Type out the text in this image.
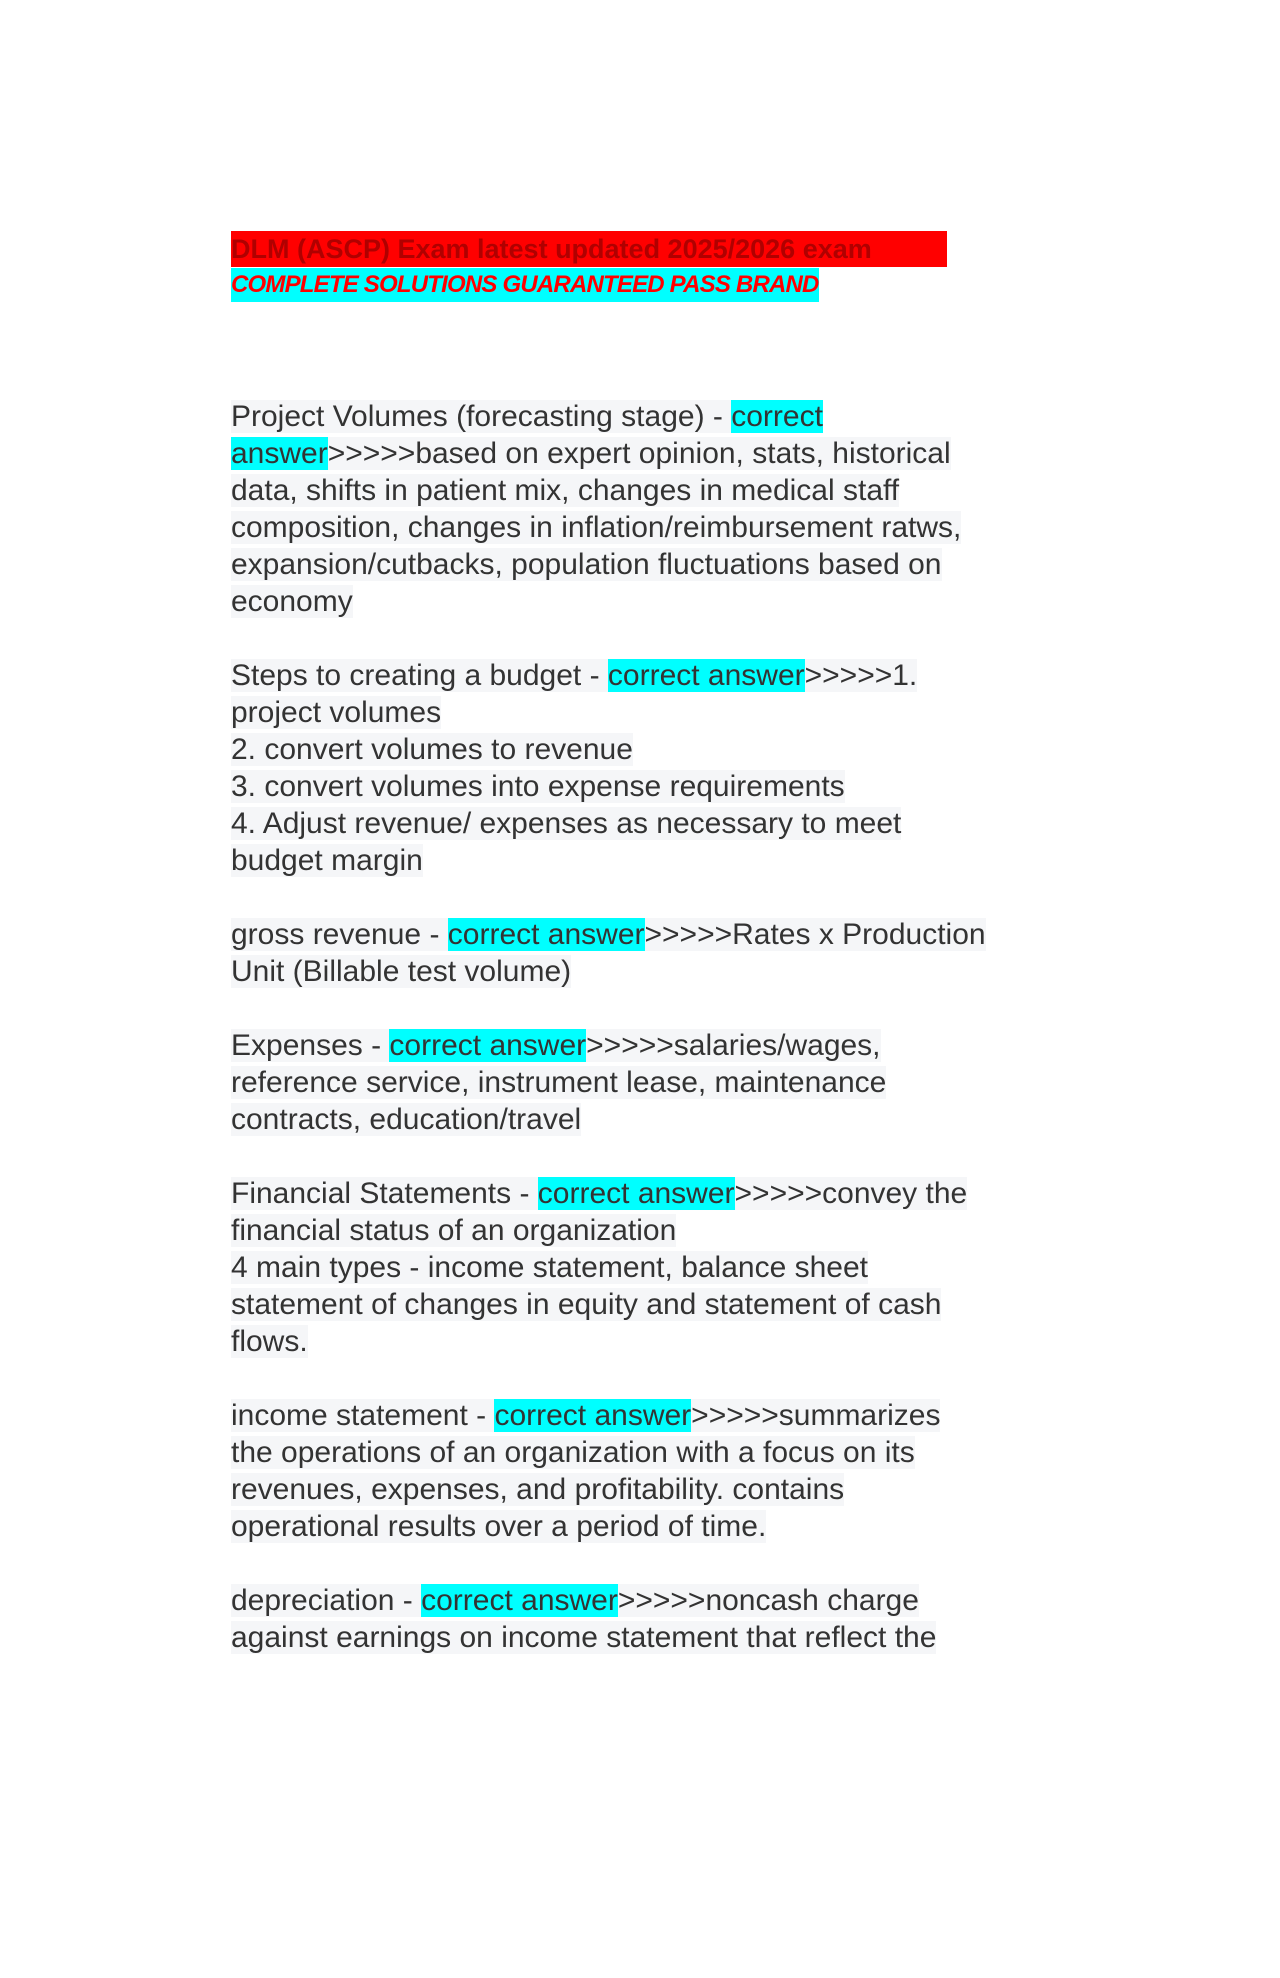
DLM (ASCP) Exam latest updated 2025/2026 exam
COMPLETE SOLUTIONS GUARANTEED PASS BRAND
Project Volumes (forecasting stage) - correct
answer>>>>>based on expert opinion, stats, historical
data, shifts in patient mix, changes in medical staff
composition, changes in inflation/reimbursement ratws,
expansion/cutbacks, population fluctuations based on
economy
Steps to creating a budget - correct answer>>>>>1.
project volumes
2. convert volumes to revenue
3. convert volumes into expense requirements
4. Adjust revenue/ expenses as necessary to meet
budget margin
gross revenue - correct answer>>>>>Rates x Production
Unit (Billable test volume)
Expenses - correct answer>>>>>salaries/wages,
reference service, instrument lease, maintenance
contracts, education/travel
Financial Statements - correct answer>>>>>convey the
financial status of an organization
4 main types - income statement, balance sheet
statement of changes in equity and statement of cash
flows.
income statement - correct answer>>>>>summarizes
the operations of an organization with a focus on its
revenues, expenses, and profitability. contains
operational results over a period of time.
depreciation - correct answer>>>>>noncash charge
against earnings on income statement that reflect the
